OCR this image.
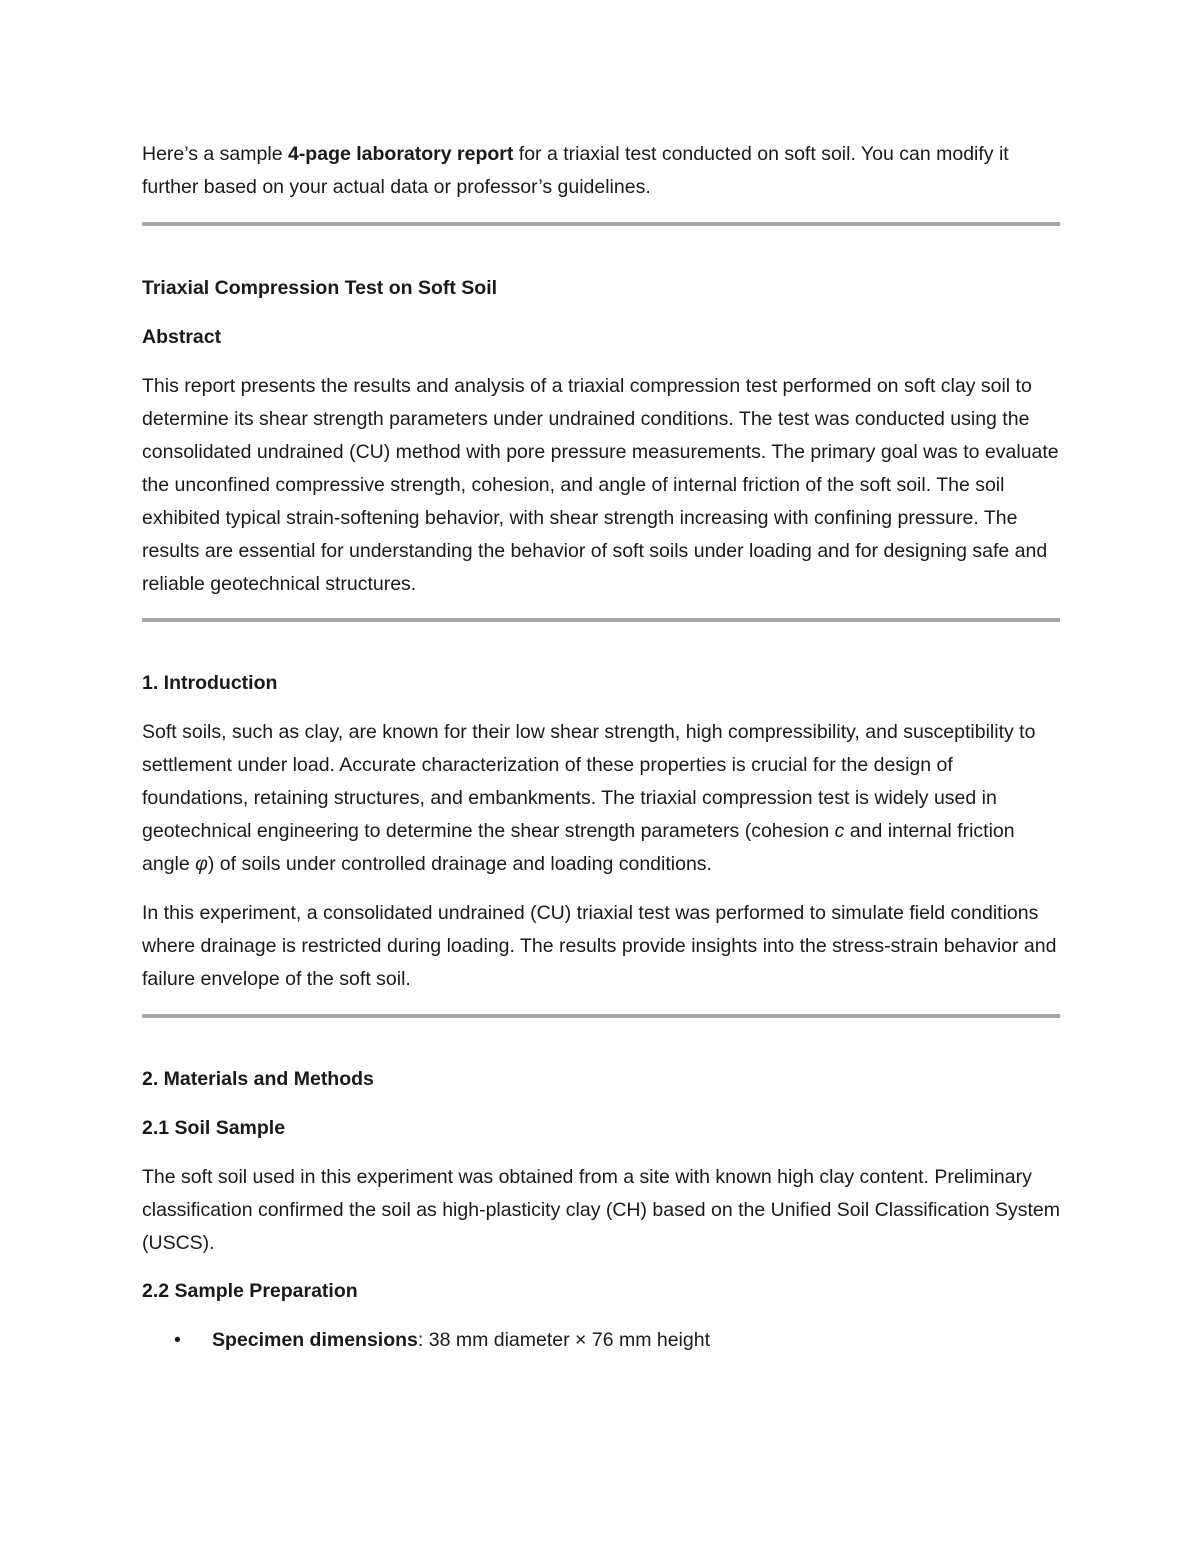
Here’s a sample 4-page laboratory report for a triaxial test conducted on soft soil. You can modify it further based on your actual data or professor’s guidelines.

Triaxial Compression Test on Soft Soil
Abstract

This report presents the results and analysis of a triaxial compression test performed on soft clay soil to determine its shear strength parameters under undrained conditions. The test was conducted using the consolidated undrained (CU) method with pore pressure measurements. The primary goal was to evaluate the unconfined compressive strength, cohesion, and angle of internal friction of the soft soil. The soil exhibited typical strain-softening behavior, with shear strength increasing with confining pressure. The results are essential for understanding the behavior of soft soils under loading and for designing safe and reliable geotechnical structures.

1. Introduction

Soft soils, such as clay, are known for their low shear strength, high compressibility, and susceptibility to settlement under load. Accurate characterization of these properties is crucial for the design of foundations, retaining structures, and embankments. The triaxial compression test is widely used in geotechnical engineering to determine the shear strength parameters (cohesion c and internal friction angle φ) of soils under controlled drainage and loading conditions.

In this experiment, a consolidated undrained (CU) triaxial test was performed to simulate field conditions where drainage is restricted during loading. The results provide insights into the stress-strain behavior and failure envelope of the soft soil.

2. Materials and Methods
2.1 Soil Sample

The soft soil used in this experiment was obtained from a site with known high clay content. Preliminary classification confirmed the soil as high-plasticity clay (CH) based on the Unified Soil Classification System (USCS).

2.2 Sample Preparation
• Specimen dimensions: 38 mm diameter × 76 mm height
